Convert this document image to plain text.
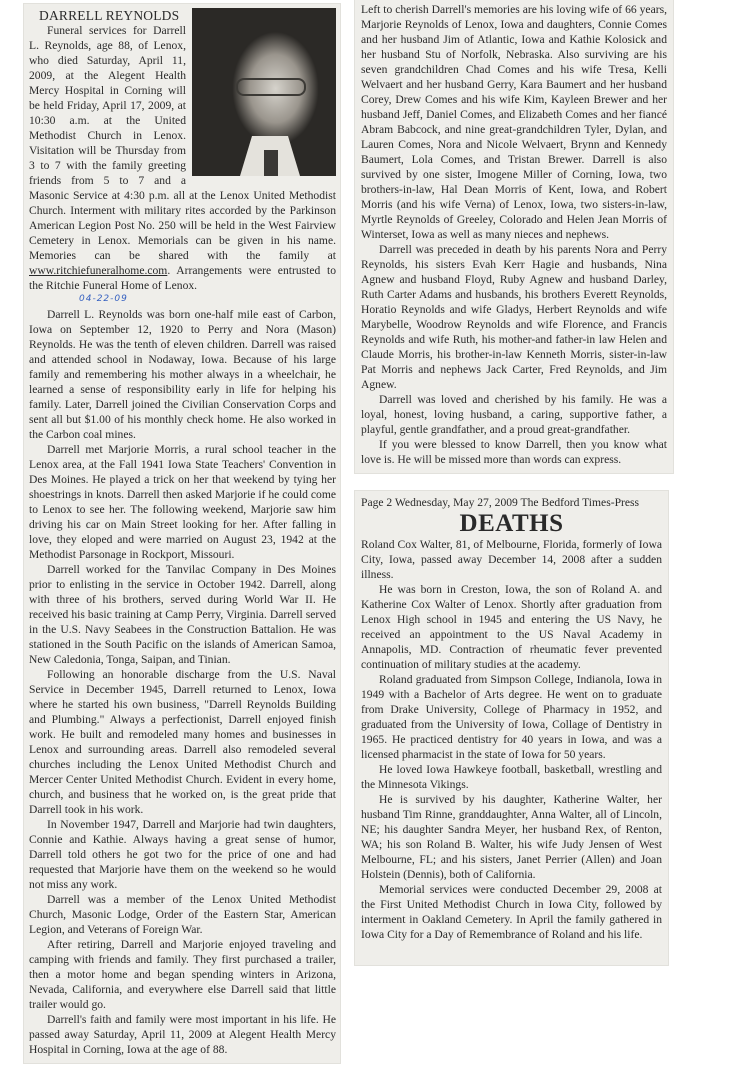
DARRELL REYNOLDS

Funeral services for Darrell L. Reynolds, age 88, of Lenox, who died Saturday, April 11, 2009, at the Alegent Health Mercy Hospital in Corning will be held Friday, April 17, 2009, at 10:30 a.m. at the United Methodist Church in Lenox. Visitation will be Thursday from 3 to 7 with the family greeting friends from 5 to 7 and a Masonic Service at 4:30 p.m. all at the Lenox United Methodist Church. Interment with military rites accorded by the Parkinson American Legion Post No. 250 will be held in the West Fairview Cemetery in Lenox. Memorials can be given in his name. Memories can be shared with the family at www.ritchiefuneralhome.com. Arrangements were entrusted to the Ritchie Funeral Home of Lenox.

04-22-09

Darrell L. Reynolds was born one-half mile east of Carbon, Iowa on September 12, 1920 to Perry and Nora (Mason) Reynolds. He was the tenth of eleven children. Darrell was raised and attended school in Nodaway, Iowa. Because of his large family and remembering his mother always in a wheelchair, he learned a sense of responsibility early in life for helping his family. Later, Darrell joined the Civilian Conservation Corps and sent all but $1.00 of his monthly check home. He also worked in the Carbon coal mines.

Darrell met Marjorie Morris, a rural school teacher in the Lenox area, at the Fall 1941 Iowa State Teachers' Convention in Des Moines. He played a trick on her that weekend by tying her shoestrings in knots. Darrell then asked Marjorie if he could come to Lenox to see her. The following weekend, Marjorie saw him driving his car on Main Street looking for her. After falling in love, they eloped and were married on August 23, 1942 at the Methodist Parsonage in Rockport, Missouri.

Darrell worked for the Tanvilac Company in Des Moines prior to enlisting in the service in October 1942. Darrell, along with three of his brothers, served during World War II. He received his basic training at Camp Perry, Virginia. Darrell served in the U.S. Navy Seabees in the Construction Battalion. He was stationed in the South Pacific on the islands of American Samoa, New Caledonia, Tonga, Saipan, and Tinian.

Following an honorable discharge from the U.S. Naval Service in December 1945, Darrell returned to Lenox, Iowa where he started his own business, "Darrell Reynolds Building and Plumbing." Always a perfectionist, Darrell enjoyed finish work. He built and remodeled many homes and businesses in Lenox and surrounding areas. Darrell also remodeled several churches including the Lenox United Methodist Church and Mercer Center United Methodist Church. Evident in every home, church, and business that he worked on, is the great pride that Darrell took in his work.

In November 1947, Darrell and Marjorie had twin daughters, Connie and Kathie. Always having a great sense of humor, Darrell told others he got two for the price of one and had requested that Marjorie have them on the weekend so he would not miss any work.

Darrell was a member of the Lenox United Methodist Church, Masonic Lodge, Order of the Eastern Star, American Legion, and Veterans of Foreign War.

After retiring, Darrell and Marjorie enjoyed traveling and camping with friends and family. They first purchased a trailer, then a motor home and began spending winters in Arizona, Nevada, California, and everywhere else Darrell said that little trailer would go.

Darrell's faith and family were most important in his life. He passed away Saturday, April 11, 2009 at Alegent Health Mercy Hospital in Corning, Iowa at the age of 88.

Left to cherish Darrell's memories are his loving wife of 66 years, Marjorie Reynolds of Lenox, Iowa and daughters, Connie Comes and her husband Jim of Atlantic, Iowa and Kathie Kolosick and her husband Stu of Norfolk, Nebraska. Also surviving are his seven grandchildren Chad Comes and his wife Tresa, Kelli Welvaert and her husband Gerry, Kara Baumert and her husband Corey, Drew Comes and his wife Kim, Kayleen Brewer and her husband Jeff, Daniel Comes, and Elizabeth Comes and her fiancé Abram Babcock, and nine great-grandchildren Tyler, Dylan, and Lauren Comes, Nora and Nicole Welvaert, Brynn and Kennedy Baumert, Lola Comes, and Tristan Brewer. Darrell is also survived by one sister, Imogene Miller of Corning, Iowa, two brothers-in-law, Hal Dean Morris of Kent, Iowa, and Robert Morris (and his wife Verna) of Lenox, Iowa, two sisters-in-law, Myrtle Reynolds of Greeley, Colorado and Helen Jean Morris of Winterset, Iowa as well as many nieces and nephews.

Darrell was preceded in death by his parents Nora and Perry Reynolds, his sisters Evah Kerr Hagie and husbands, Nina Agnew and husband Floyd, Ruby Agnew and husband Darley, Ruth Carter Adams and husbands, his brothers Everett Reynolds, Horatio Reynolds and wife Gladys, Herbert Reynolds and wife Marybelle, Woodrow Reynolds and wife Florence, and Francis Reynolds and wife Ruth, his mother-and father-in law Helen and Claude Morris, his brother-in-law Kenneth Morris, sister-in-law Pat Morris and nephews Jack Carter, Fred Reynolds, and Jim Agnew.

Darrell was loved and cherished by his family. He was a loyal, honest, loving husband, a caring, supportive father, a playful, gentle grandfather, and a proud great-grandfather.

If you were blessed to know Darrell, then you know what love is. He will be missed more than words can express.

Page 2 Wednesday, May 27, 2009 The Bedford Times-Press
DEATHS

Roland Cox Walter, 81, of Melbourne, Florida, formerly of Iowa City, Iowa, passed away December 14, 2008 after a sudden illness.

He was born in Creston, Iowa, the son of Roland A. and Katherine Cox Walter of Lenox. Shortly after graduation from Lenox High school in 1945 and entering the US Navy, he received an appointment to the US Naval Academy in Annapolis, MD. Contraction of rheumatic fever prevented continuation of military studies at the academy.

Roland graduated from Simpson College, Indianola, Iowa in 1949 with a Bachelor of Arts degree. He went on to graduate from Drake University, College of Pharmacy in 1952, and graduated from the University of Iowa, Collage of Dentistry in 1965. He practiced dentistry for 40 years in Iowa, and was a licensed pharmacist in the state of Iowa for 50 years.

He loved Iowa Hawkeye football, basketball, wrestling and the Minnesota Vikings.

He is survived by his daughter, Katherine Walter, her husband Tim Rinne, granddaughter, Anna Walter, all of Lincoln, NE; his daughter Sandra Meyer, her husband Rex, of Renton, WA; his son Roland B. Walter, his wife Judy Jensen of West Melbourne, FL; and his sisters, Janet Perrier (Allen) and Joan Holstein (Dennis), both of California.

Memorial services were conducted December 29, 2008 at the First United Methodist Church in Iowa City, followed by interment in Oakland Cemetery. In April the family gathered in Iowa City for a Day of Remembrance of Roland and his life.
